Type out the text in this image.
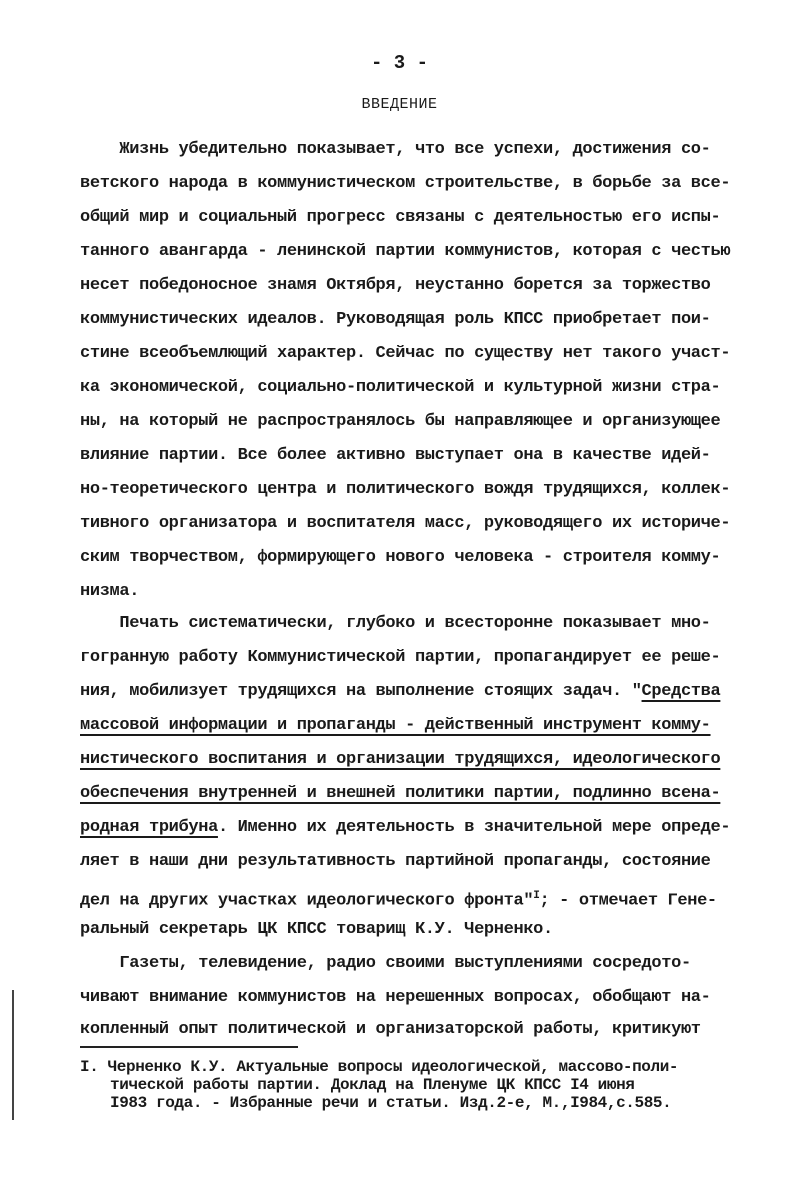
- 3 -
ВВЕДЕНИЕ
Жизнь убедительно показывает, что все успехи, достижения со-
ветского народа в коммунистическом строительстве, в борьбе за все-
общий мир и социальный прогресс связаны с деятельностью его испы-
танного авангарда - ленинской партии коммунистов, которая с честью
несет победоносное знамя Октября, неустанно борется за торжество
коммунистических идеалов. Руководящая роль КПСС приобретает пои-
стине всеобъемлющий характер. Сейчас по существу нет такого участ-
ка экономической, социально-политической и культурной жизни стра-
ны, на который не распространялось бы направляющее и организующее
влияние партии. Все более активно выступает она в качестве идей-
но-теоретического центра и политического вождя трудящихся, коллек-
тивного организатора и воспитателя масс, руководящего их историче-
ским творчеством, формирующего нового человека - строителя комму-
низма.
Печать систематически, глубоко и всесторонне показывает мно-
гогранную работу Коммунистической партии, пропагандирует ее реше-
ния, мобилизует трудящихся на выполнение стоящих задач. "Средства
массовой информации и пропаганды - действенный инструмент комму-
нистического воспитания и организации трудящихся, идеологического
обеспечения внутренней и внешней политики партии, подлинно всена-
родная трибуна. Именно их деятельность в значительной мере опреде-
ляет в наши дни результативность партийной пропаганды, состояние
дел на других участках идеологического фронта"$^I$; - отмечает Гене-
ральный секретарь ЦК КПСС товарищ К.У. Черненко.
Газеты, телевидение, радио своими выступлениями сосредото-
чивают внимание коммунистов на нерешенных вопросах, обобщают на-
копленный опыт политической и организаторской работы, критикуют
I. Черненко К.У. Актуальные вопросы идеологической, массово-поли-
тической работы партии. Доклад на Пленуме ЦК КПСС I4 июня
I983 года. - Избранные речи и статьи. Изд.2-е, М.,I984,с.585.
